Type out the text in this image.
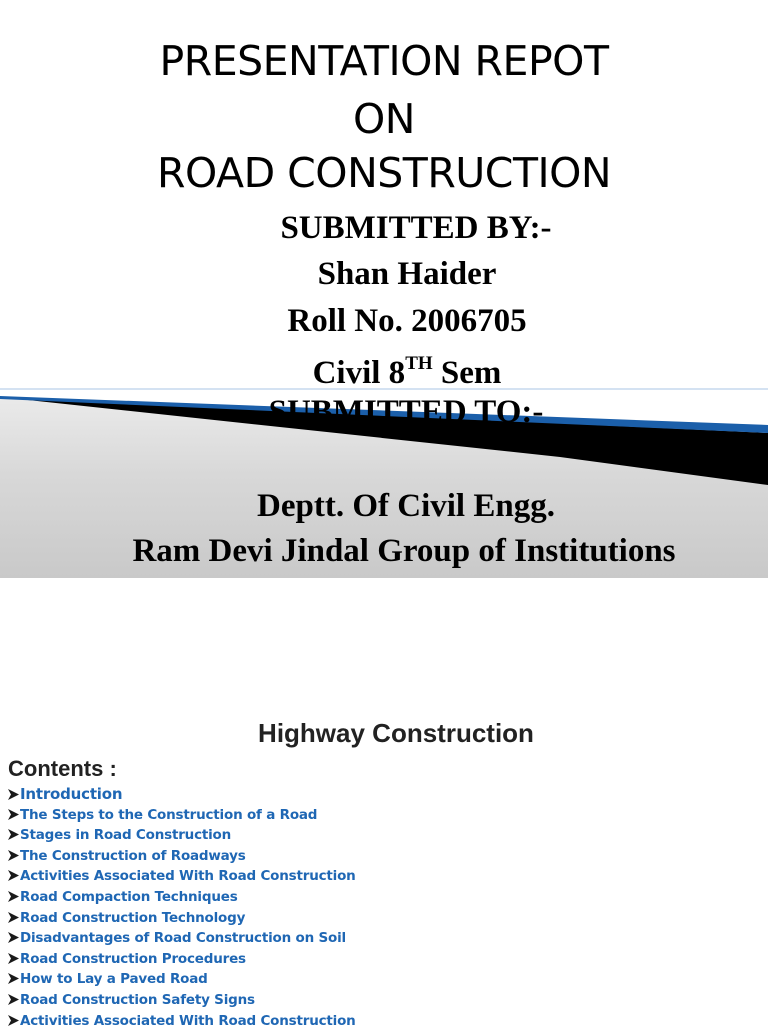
PRESENTATION REPOT
ON
ROAD CONSTRUCTION
SUBMITTED BY:-
Shan Haider
Roll No. 2006705
Civil 8TH Sem
SUBMITTED TO:-
Deptt. Of Civil Engg.
Ram Devi Jindal Group of Institutions
Highway Construction
Contents :
Introduction
The Steps to the Construction of a Road
Stages in Road Construction
The Construction of Roadways
Activities Associated With Road Construction
Road Compaction Techniques
Road Construction Technology
Disadvantages of Road Construction on Soil
Road Construction Procedures
How to Lay a Paved Road
Road Construction Safety Signs
Activities Associated With Road Construction
